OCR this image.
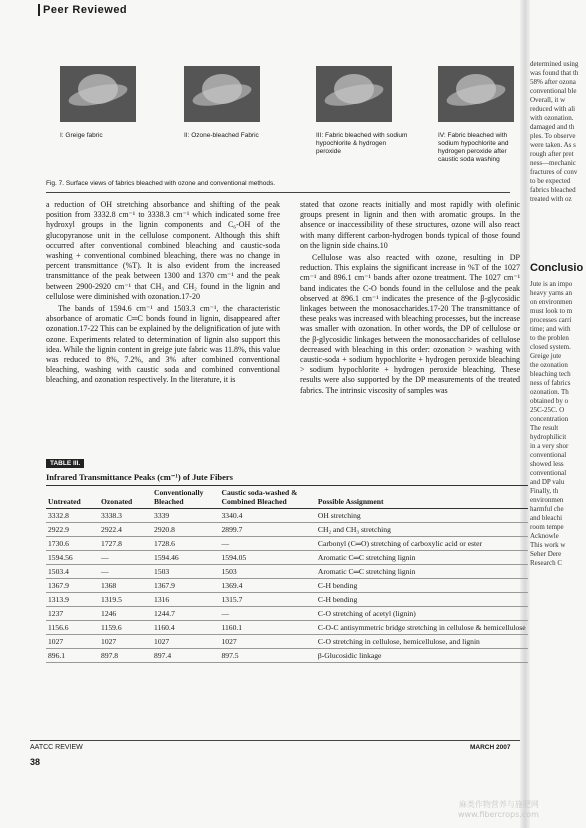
Peer Reviewed
I: Greige fabric	II: Ozone-bleached Fabric	III: Fabric bleached with sodium hypochlorite & hydrogen peroxide
IV: Fabric bleached with sodium hypochlorite and hydrogen peroxide after caustic soda washing
Fig. 7. Surface views of fabrics bleached with ozone and conventional methods.

a reduction of OH stretching absorbance and shifting of the peak position from 3332.8 cm⁻¹ to 3338.3 cm⁻¹ which indicated some free hydroxyl groups in the lignin components and C₆-OH of the glucopyranose unit in the cellulose component. Although this shift occurred after conventional combined bleaching and caustic-soda washing + conventional combined bleaching, there was no change in percent transmittance (%T). It is also evident from the increased transmittance of the peak between 1300 and 1370 cm⁻¹ and the peak between 2900-2920 cm⁻¹ that CH₃ and CH₂ found in the lignin and cellulose were diminished with ozonation.17-20

The bands of 1594.6 cm⁻¹ and 1503.3 cm⁻¹, the characteristic absorbance of aromatic C═C bonds found in lignin, disappeared after ozonation.17-22 This can be explained by the delignification of jute with ozone. Experiments related to determination of lignin also support this idea. While the lignin content in greige jute fabric was 11.8%, this value was reduced to 8%, 7.2%, and 3% after combined conventional bleaching, washing with caustic soda and combined conventional bleaching, and ozonation respectively. In the literature, it is

stated that ozone reacts initially and most rapidly with olefinic groups present in lignin and then with aromatic groups. In the absence or inaccessibility of these structures, ozone will also react with many different carbon-hydrogen bonds typical of those found on the lignin side chains.10

Cellulose was also reacted with ozone, resulting in DP reduction. This explains the significant increase in %T of the 1027 cm⁻¹ and 896.1 cm⁻¹ bands after ozone treatment. The 1027 cm⁻¹ band indicates the C-O bonds found in the cellulose and the peak observed at 896.1 cm⁻¹ indicates the presence of the β-glycosidic linkages between the monosaccharides.17-20 The transmittance of these peaks was increased with bleaching processes, but the increase was smaller with ozonation. In other words, the DP of cellulose or the β-glycosidic linkages between the monosaccharides of cellulose decreased with bleaching in this order: ozonation > washing with caustic-soda + sodium hypochlorite + hydrogen peroxide bleaching > sodium hypochlorite + hydrogen peroxide bleaching. These results were also supported by the DP measurements of the treated fabrics. The intrinsic viscosity of samples was

determined using
was found that th
58% after ozona
conventional ble
Overall, it w
reduced with ali
with ozonation.
damaged and th
ples. To observe
were taken. As s
rough after pret
ness—mechanic
fractures of conv
to be expected
fabrics bleached
treated with oz
Conclusio
Jute is an impo
heavy yarns an
on environmen
must look to m
processes carri
time; and with
to the problen
closed system.
Greige jute
the ozonation
bleaching tech
ness of fabrics
ozonation. Th
obtained by o
25C-25C. O
concentration
The result
hydrophilicit
in a very shor
conventional
showed less
conventional
and DP valu
Finally, th
environmen
harmful che
and bleachi
room tempe
Acknowle
This work w
Seher Dere
Research C
TABLE III.
Infrared Transmittance Peaks (cm⁻¹) of Jute Fibers
Untreated	Ozonated	Conventionally Bleached	Caustic soda-washed & Combined Bleached	Possible Assignment
3332.8	3338.3	3339	3340.4	OH stretching
2922.9	2922.4	2920.8	2899.7	CH₂ and CH₃ stretching
1730.6	1727.8	1728.6	—	Carbonyl (C═O) stretching of carboxylic acid or ester
1594.56	—	1594.46	1594.05	Aromatic C═C stretching lignin
1503.4	—	1503	1503	Aromatic C═C stretching lignin
1367.9	1368	1367.9	1369.4	C-H bending
1313.9	1319.5	1316	1315.7	C-H bending
1237	1246	1244.7	—	C-O stretching of acetyl (lignin)
1156.6	1159.6	1160.4	1160.1	C-O-C antisymmetric bridge stretching in cellulose & hemicellulose
1027	1027	1027	1027	C-O stretching in cellulose, hemicellulose, and lignin
896.1	897.8	897.4	897.5	β-Glucosidic linkage
AATCC REVIEW
38
MARCH 2007
麻类作物营养与施肥网
www.fibercrops.com
